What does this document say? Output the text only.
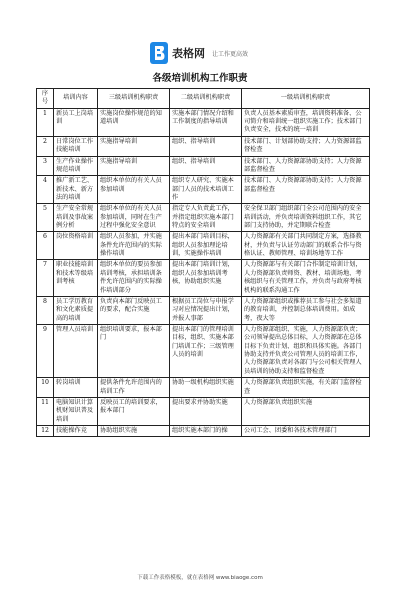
表格网 让工作更高效
各级培训机构工作职责
序号	培训内容	三级培训机构职责	二级培训机构职责	一级培训机构职责
1	新员工上岗培训	实施岗位操作规范的知道培训	实施本部门情况介绍和工作制度的指导培训	负责人员基本素质审查，培训资料准备、公司简介和培训统一组织实施工作；技术部门负责安全，技术的统一培训
2	日常岗位工作技能培训	实施指导培训	组织、指导培训	技术部门、计划部协助支持；人力资源部监督检查
3	生产作业操作规范培训	实施指导培训	组织、指导培训	技术部门、人力资源部协助支持；人力资源部监督检查
4	推广新工艺、新技术、新方法的培训	组织本单位的有关人员参加培训	组织专人研究、实施本部门人员的技术培训工作	技术部门、人力资源部协助支持；人力资源部监督检查
5	生产安全常规培训及事故案例分析	组织本单位的有关人员参加培训，同时在生产过程中强化安全意识	指定专人负责此工作，并指定组织实施本部门特点的安全培训	安全保卫部门组织部门全公司范围内的安全培训活动，并负责培训资料组织工作，其它部门支持协助，并定期联合检查
6	岗位资格培训	组织人员参加，并实施条件允许范围内的实际操作培训	提出本部门培训目标，组织人员参加理论培训，实施操作培训	人力资源部有关部门共同制定方案，选择教材，并负责与认证劳动部门的联系合作与资格认证、教师管理、培训场地等工作
7	职业技能培训和技术等级培训考核	组织本单位的要员参加培训考核，承担培训条件允许范围内的实际操作培训部分	提出本部门培训计划，组织人员参加培训考核，协助组织实施	人力资源部与有关部门合作制定培训计划，人力资源部负责师资、教材、培训场地、考核组织与有关管理工作，并负责与政府考核机构的联系沟通工作
8	员工学历教育和文化素质提高的培训	负责向本部门反映员工的要求，配合实施	根据员工岗位与申报学习对应情况提出计划，并报人事部	人力资源部组织或推荐员工参与社会多渠道的教育培训，并控制总体培训费用。如成考，夜大等
9	管理人员培训	组织培训要求，报本部门	提出本部门的管理培训目标，组织、实施本部门培训工作；三级管理人员的培训	人力资源部组织、实施，人力资源部负责；公司领导提出总体目标，人力资源部在总体目标下负责计划、组织和具体实施。各部门协助支持并负责公司管理人员的培训工作，人力资源部负责对各部门与公司相关管理人员培训的协助支持和监督检查
10	转岗培训	提供条件允许范围内的培训工作	协助一级机构组织实施	人力资源部负责组织实施，有关部门监督检查
11	电脑知识计算机财知识普及培训	反映员工的培训要求，报本部门	提出要求并协助实施	人力资源部负责组织实施
12	技能操作竞	协助组织实施	组织实施本部门的操	公司工会、团委和各技术管理部门
下载工作表格模板，就在表格网 www.biaoge.com
